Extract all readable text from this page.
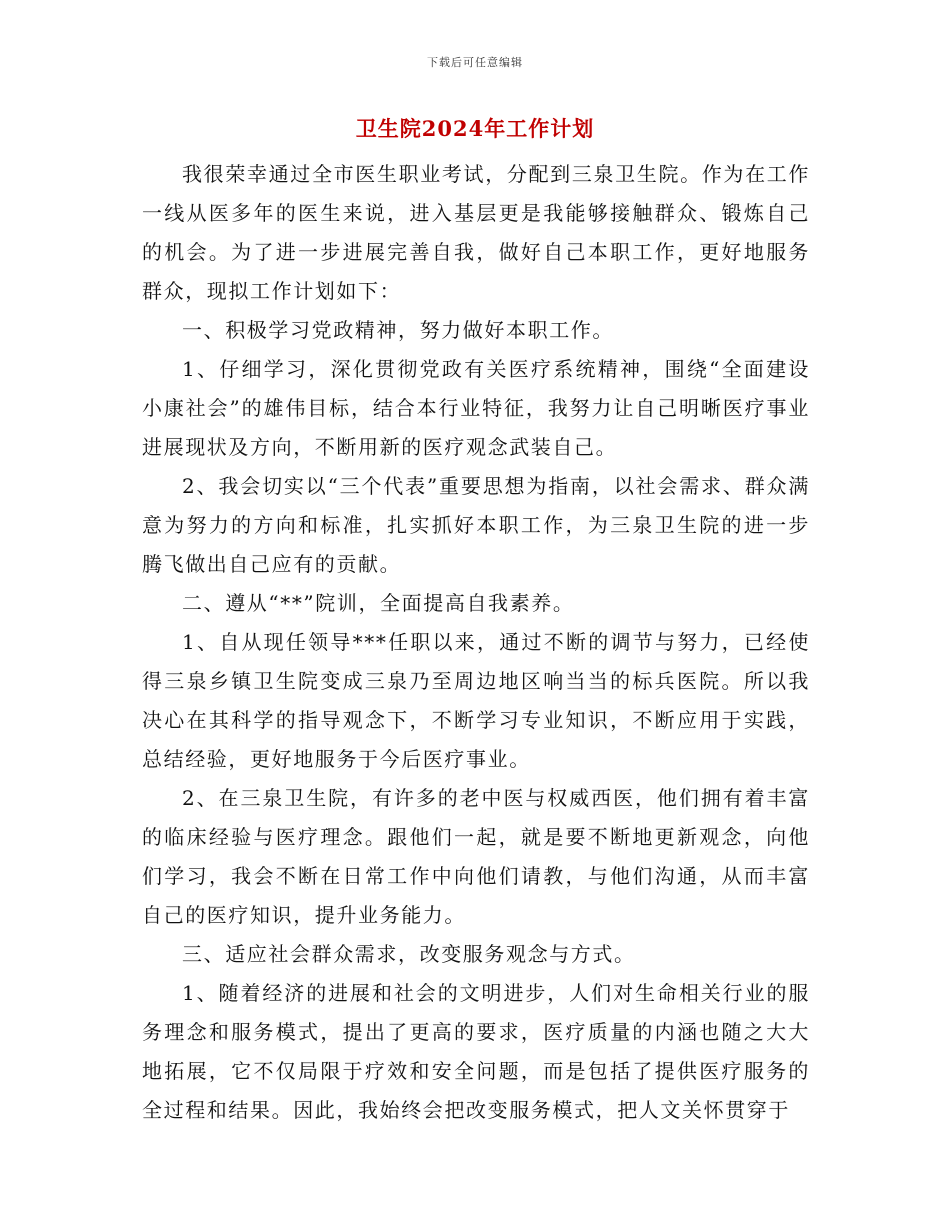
下载后可任意编辑
卫生院2024年工作计划

我很荣幸通过全市医生职业考试，分配到三泉卫生院。作为在工作一线从医多年的医生来说，进入基层更是我能够接触群众、锻炼自己的机会。为了进一步进展完善自我，做好自己本职工作，更好地服务群众，现拟工作计划如下：

一、积极学习党政精神，努力做好本职工作。

1、仔细学习，深化贯彻党政有关医疗系统精神，围绕“全面建设小康社会”的雄伟目标，结合本行业特征，我努力让自己明晰医疗事业进展现状及方向，不断用新的医疗观念武装自己。

2、我会切实以“三个代表”重要思想为指南，以社会需求、群众满意为努力的方向和标准，扎实抓好本职工作，为三泉卫生院的进一步腾飞做出自己应有的贡献。

二、遵从“**”院训，全面提高自我素养。

1、自从现任领导***任职以来，通过不断的调节与努力，已经使得三泉乡镇卫生院变成三泉乃至周边地区响当当的标兵医院。所以我决心在其科学的指导观念下，不断学习专业知识，不断应用于实践，总结经验，更好地服务于今后医疗事业。

2、在三泉卫生院，有许多的老中医与权威西医，他们拥有着丰富的临床经验与医疗理念。跟他们一起，就是要不断地更新观念，向他们学习，我会不断在日常工作中向他们请教，与他们沟通，从而丰富自己的医疗知识，提升业务能力。

三、适应社会群众需求，改变服务观念与方式。

1、随着经济的进展和社会的文明进步，人们对生命相关行业的服务理念和服务模式，提出了更高的要求，医疗质量的内涵也随之大大地拓展，它不仅局限于疗效和安全问题，而是包括了提供医疗服务的全过程和结果。因此，我始终会把改变服务模式，把人文关怀贯穿于
